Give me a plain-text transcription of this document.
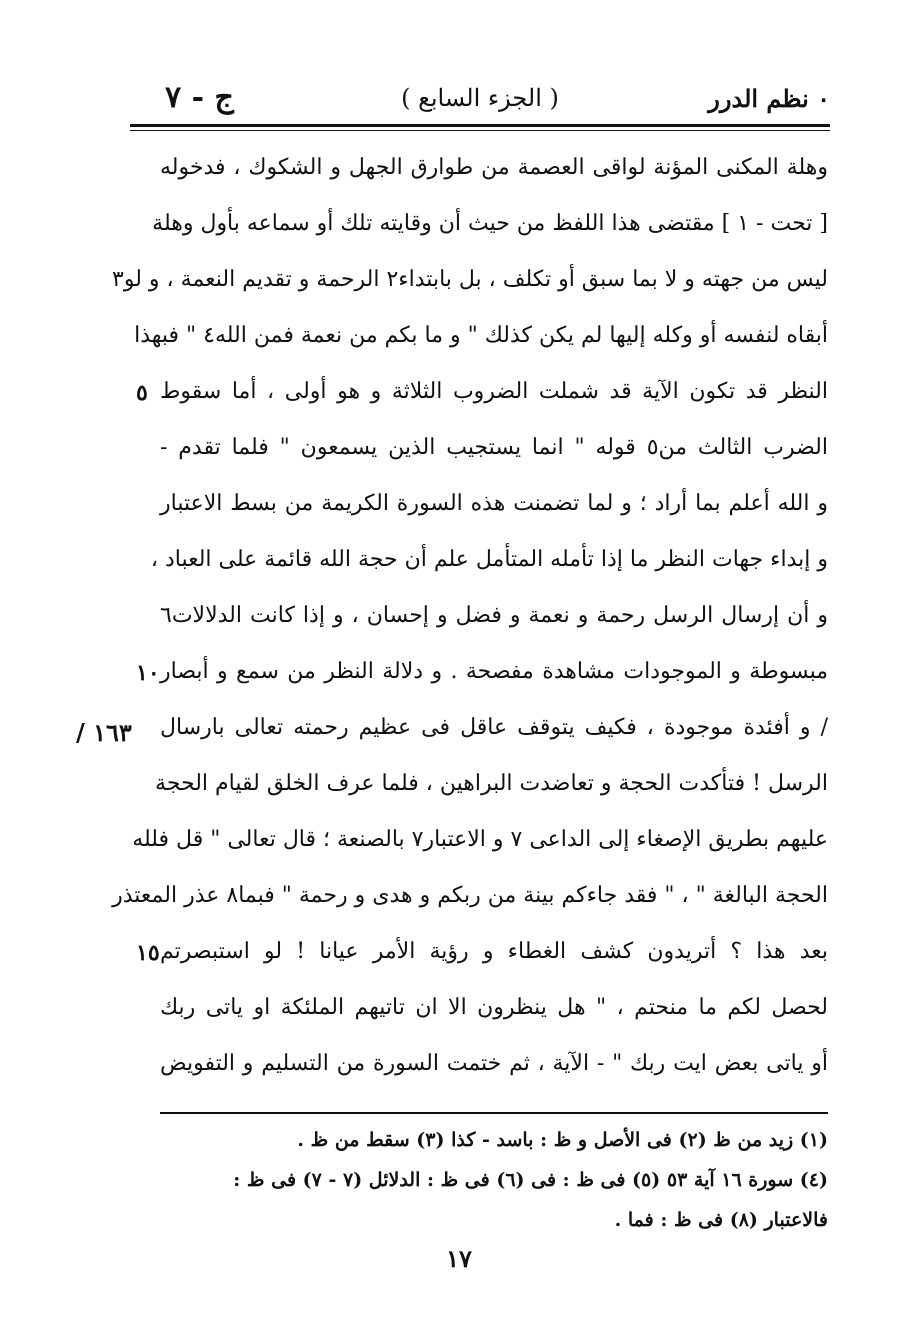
٠ نظم الدرر
( الجزء السابع )
ج - ٧
وهلة المكنى المؤنة لواقى العصمة من طوارق الجهل و الشكوك ، فدخوله
[ تحت - ١ ] مقتضى هذا اللفظ من حيث أن وقايته تلك أو سماعه بأول وهلة
ليس من جهته و لا بما سبق أو تكلف ، بل بابتداء٢ الرحمة و تقديم النعمة ، و لو٣
أبقاه لنفسه أو وكله إليها لم يكن كذلك " و ما بكم من نعمة فمن الله٤ " فبهذا
النظر قد تكون الآية قد شملت الضروب الثلاثة و هو أولى ، أما سقوط
الضرب الثالث من٥ قوله " انما يستجيب الذين يسمعون " فلما تقدم -
و الله أعلم بما أراد ؛ و لما تضمنت هذه السورة الكريمة من بسط الاعتبار
و إبداء جهات النظر ما إذا تأمله المتأمل علم أن حجة الله قائمة على العباد ،
و أن إرسال الرسل رحمة و نعمة و فضل و إحسان ، و إذا كانت الدلالات٦
مبسوطة و الموجودات مشاهدة مفصحة . و دلالة النظر من سمع و أبصار
/ و أفئدة موجودة ، فكيف يتوقف عاقل فى عظيم رحمته تعالى بارسال
الرسل ! فتأكدت الحجة و تعاضدت البراهين ، فلما عرف الخلق لقيام الحجة
عليهم بطريق الإصغاء إلى الداعى ٧ و الاعتبار٧ بالصنعة ؛ قال تعالى " قل فلله
الحجة البالغة " ، " فقد جاءكم بينة من ربكم و هدى و رحمة " فبما٨ عذر المعتذر
بعد هذا ؟ أتريدون كشف الغطاء و رؤية الأمر عيانا ! لو استبصرتم
لحصل لكم ما منحتم ، " هل ينظرون الا ان تاتيهم الملئكة او ياتى ربك
أو ياتى بعض ايت ربك " - الآية ، ثم ختمت السورة من التسليم و التفويض
٥
١٠
١٥
١٦٣ /
(١) زيد من ظ (٢) فى الأصل و ظ : باسد - كذا (٣) سقط من ظ .
(٤) سورة ١٦ آية ٥٣ (٥) فى ظ : فى (٦) فى ظ : الدلائل (٧ - ٧) فى ظ :
فالاعتبار (٨) فى ظ : فما .
١٧
